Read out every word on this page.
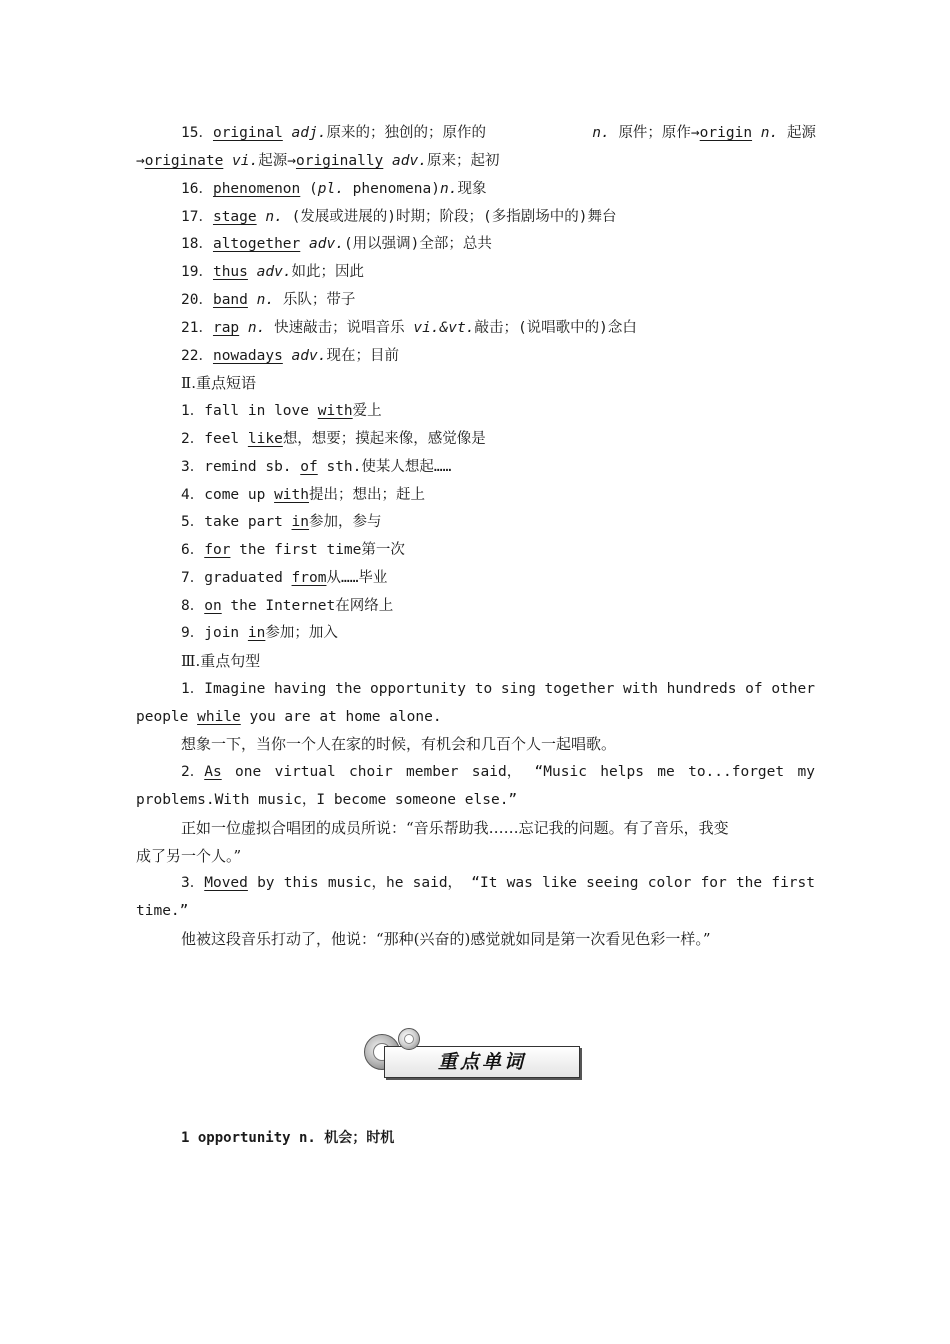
15．original adj.原来的；独创的；原作的	n. 原件；原作→origin n. 起源
→originate vi.起源→originally adv.原来；起初
16．phenomenon (pl. phenomena)n.现象
17．stage n. (发展或进展的)时期；阶段；(多指剧场中的)舞台
18．altogether adv.(用以强调)全部；总共
19．thus adv.如此；因此
20．band n. 乐队；带子
21．rap n. 快速敲击；说唱音乐 vi.&vt.敲击；(说唱歌中的)念白
22．nowadays adv.现在；目前
Ⅱ.重点短语
1．fall in love with爱上
2．feel like想，想要；摸起来像，感觉像是
3．remind sb. of sth.使某人想起……
4．come up with提出；想出；赶上
5．take part in参加，参与
6．for the first time第一次
7．graduated from从……毕业
8．on the Internet在网络上
9．join in参加；加入
Ⅲ.重点句型
1．Imagine having the opportunity to sing together with hundreds of other
people while you are at home alone.
想象一下，当你一个人在家的时候，有机会和几百个人一起唱歌。
2．As one virtual choir member said， “Music helps me to...forget my
problems.With music，I become someone else.”
正如一位虚拟合唱团的成员所说：“音乐帮助我……忘记我的问题。有了音乐，我变
成了另一个人。”
3．Moved by this music，he said， “It was like seeing color for the first
time.”
他被这段音乐打动了，他说：“那种(兴奋的)感觉就如同是第一次看见色彩一样。”
重点单词
1 opportunity n. 机会；时机
